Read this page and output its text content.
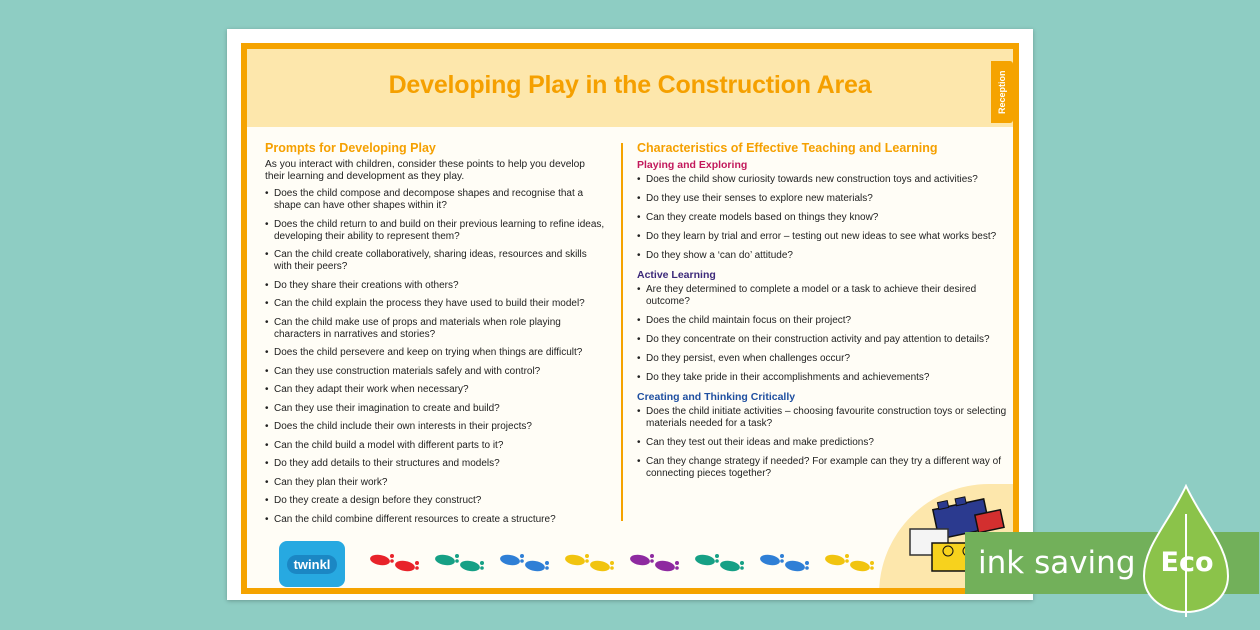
Developing Play in the Construction Area	Reception
Prompts for Developing Play

As you interact with children, consider these points to help you develop their learning and development as they play.

• Does the child compose and decompose shapes and recognise that a shape can have other shapes within it?
• Does the child return to and build on their previous learning to refine ideas, developing their ability to represent them?
• Can the child create collaboratively, sharing ideas, resources and skills with their peers?
• Do they share their creations with others?
• Can the child explain the process they have used to build their model?
• Can the child make use of props and materials when role playing characters in narratives and stories?
• Does the child persevere and keep on trying when things are difficult?
• Can they use construction materials safely and with control?
• Can they adapt their work when necessary?
• Can they use their imagination to create and build?
• Does the child include their own interests in their projects?
• Can the child build a model with different parts to it?
• Do they add details to their structures and models?
• Can they plan their work?
• Do they create a design before they construct?
• Can the child combine different resources to create a structure?
Characteristics of Effective Teaching and Learning
Playing and Exploring
• Does the child show curiosity towards new construction toys and activities?
• Do they use their senses to explore new materials?
• Can they create models based on things they know?
• Do they learn by trial and error – testing out new ideas to see what works best?
• Do they show a ‘can do’ attitude?
Active Learning
• Are they determined to complete a model or a task to achieve their desired outcome?
• Does the child maintain focus on their project?
• Do they concentrate on their construction activity and pay attention to details?
• Do they persist, even when challenges occur?
• Do they take pride in their accomplishments and achievements?
Creating and Thinking Critically
• Does the child initiate activities – choosing favourite construction toys or selecting materials needed for a task?
• Can they test out their ideas and make predictions?
• Can they change strategy if needed? For example can they try a different way of connecting pieces together?
twinkl	ink saving Eco
